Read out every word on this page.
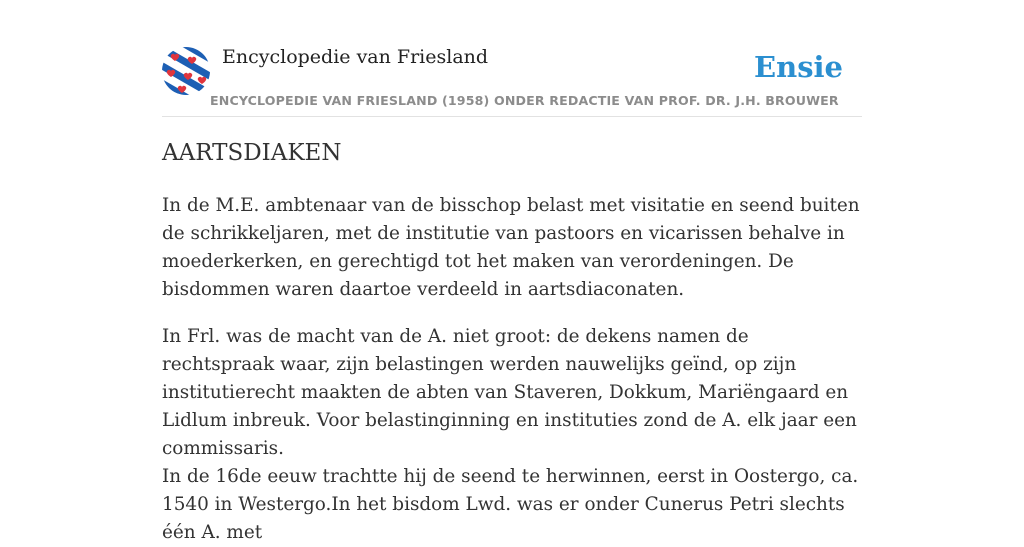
Encyclopedie van Friesland	Ensie
ENCYCLOPEDIE VAN FRIESLAND (1958) ONDER REDACTIE VAN PROF. DR. J.H. BROUWER
AARTSDIAKEN

In de M.E. ambtenaar van de bisschop belast met visitatie en seend buiten de schrikkeljaren, met de institutie van pastoors en vicarissen behalve in moederkerken, en gerechtigd tot het maken van verordeningen. De bisdommen waren daartoe verdeeld in aartsdiaconaten.

In Frl. was de macht van de A. niet groot: de dekens namen de rechtspraak waar, zijn belastingen werden nauwelijks geïnd, op zijn institutierecht maakten de abten van Staveren, Dokkum, Mariëngaard en Lidlum inbreuk. Voor belastinginning en instituties zond de A. elk jaar een commissaris.

In de 16de eeuw trachtte hij de seend te herwinnen, eerst in Oostergo, ca. 1540 in Westergo.In het bisdom Lwd. was er onder Cunerus Petri slechts één A. met
